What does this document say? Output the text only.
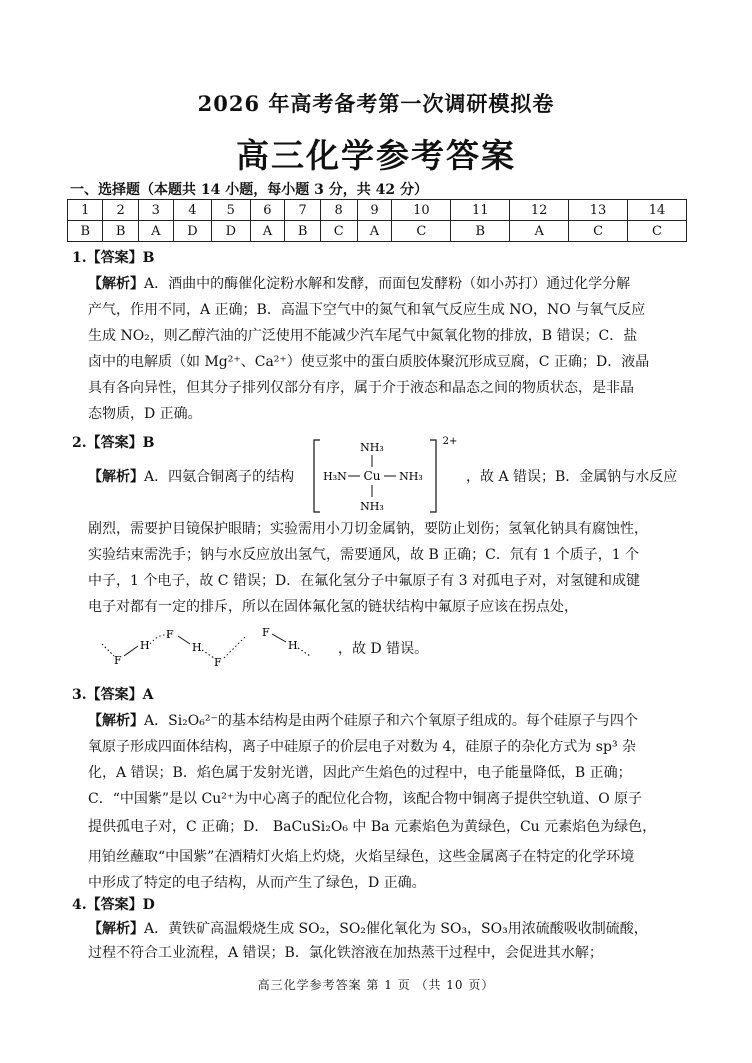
2026 年高考备考第一次调研模拟卷
高三化学参考答案
一、选择题（本题共 14 小题，每小题 3 分，共 42 分）
1	2	3	4	5	6	7	8	9	10	11	12	13	14
B	B	A	D	D	A	B	C	A	C	B	A	C	C
1.【答案】B
【解析】A．酒曲中的酶催化淀粉水解和发酵，而面包发酵粉（如小苏打）通过化学分解
产气，作用不同，A 正确；B．高温下空气中的氮气和氧气反应生成 NO，NO 与氧气反应
生成 NO₂，则乙醇汽油的广泛使用不能减少汽车尾气中氮氧化物的排放，B 错误；C．盐
卤中的电解质（如 Mg²⁺、Ca²⁺）使豆浆中的蛋白质胶体聚沉形成豆腐，C 正确；D．液晶
具有各向异性，但其分子排列仅部分有序，属于介于液态和晶态之间的物质状态，是非晶
态物质，D 正确。
2.【答案】B
【解析】A．四氨合铜离子的结构
NH₃
H₃N Cu NH₃
NH₃
2+
，故 A 错误；B．金属钠与水反应
剧烈，需要护目镜保护眼睛；实验需用小刀切金属钠，要防止划伤；氢氧化钠具有腐蚀性，
实验结束需洗手；钠与水反应放出氢气，需要通风，故 B 正确；C．氘有 1 个质子，1 个
中子，1 个电子，故 C 错误；D．在氟化氢分子中氟原子有 3 对孤电子对，对氢键和成键
电子对都有一定的排斥，所以在固体氟化氢的链状结构中氟原子应该在拐点处，
F
H
F
H
F
F
H	，故 D 错误。
3.【答案】A
【解析】A．Si₂O₆²⁻的基本结构是由两个硅原子和六个氧原子组成的。每个硅原子与四个
氧原子形成四面体结构，离子中硅原子的价层电子对数为 4，硅原子的杂化方式为 sp³ 杂
化，A 错误；B．焰色属于发射光谱，因此产生焰色的过程中，电子能量降低，B 正确；
C．“中国紫”是以 Cu²⁺为中心离子的配位化合物，该配合物中铜离子提供空轨道、O 原子
提供孤电子对，C 正确；D． BaCuSi₂O₆ 中 Ba 元素焰色为黄绿色，Cu 元素焰色为绿色，
用铂丝蘸取“中国紫”在酒精灯火焰上灼烧，火焰呈绿色，这些金属离子在特定的化学环境
中形成了特定的电子结构，从而产生了绿色，D 正确。
4.【答案】D
【解析】A．黄铁矿高温煅烧生成 SO₂，SO₂催化氧化为 SO₃，SO₃用浓硫酸吸收制硫酸，
过程不符合工业流程，A 错误；B．氯化铁溶液在加热蒸干过程中，会促进其水解；
高三化学参考答案 第 1 页 （共 10 页）
